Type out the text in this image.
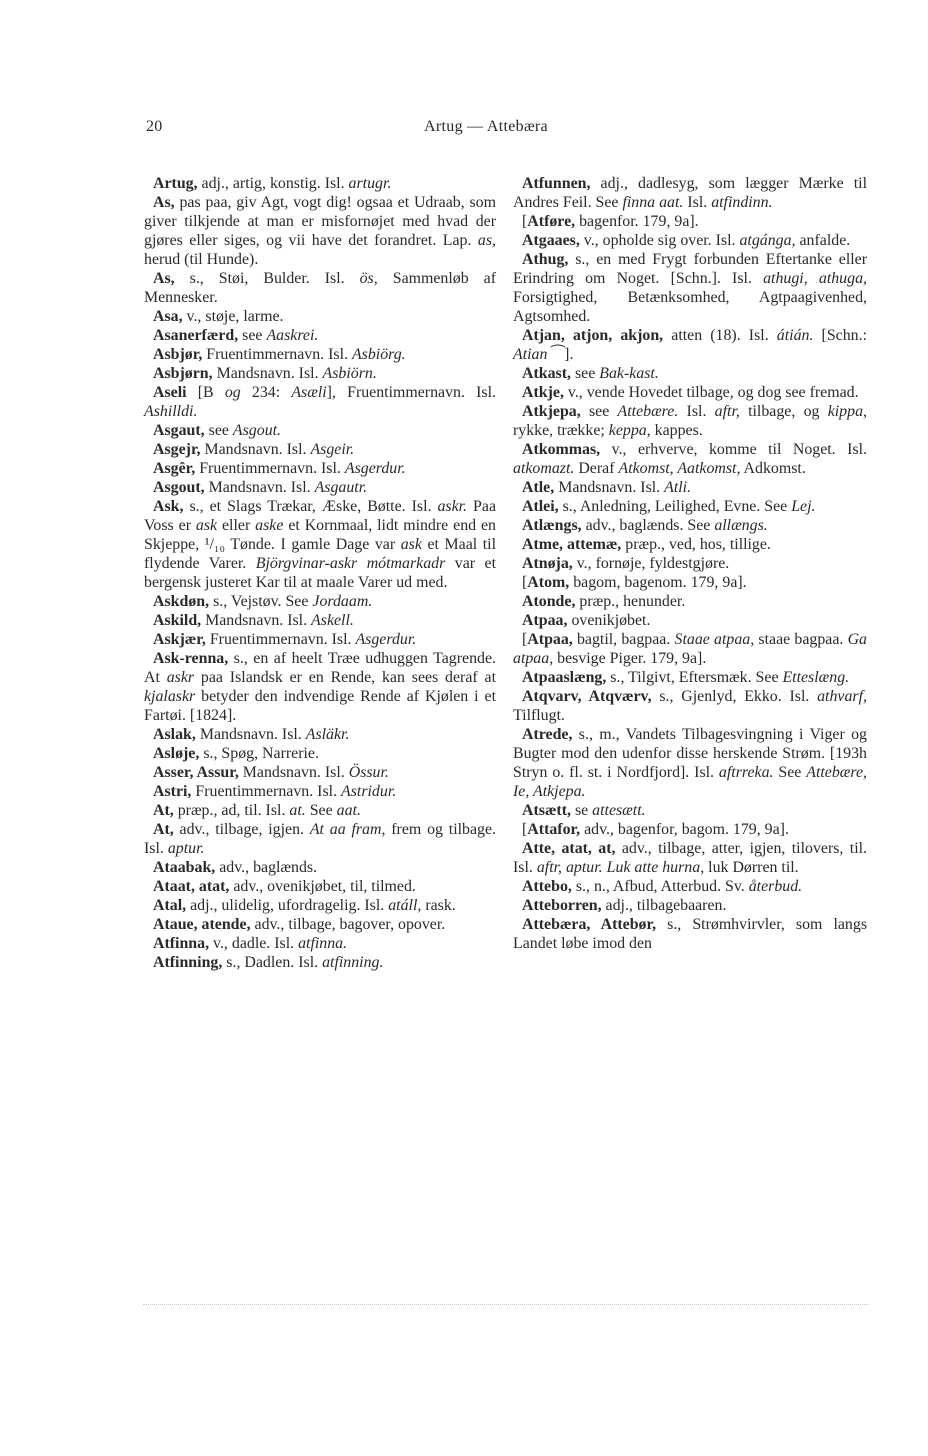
20	Artug — Attebæra

Artug, adj., artig, konstig. Isl. artugr.

As, pas paa, giv Agt, vogt dig! ogsaa et Udraab, som giver tilkjende at man er misfornøjet med hvad der gjøres eller siges, og vii have det forandret. Lap. as, herud (til Hunde).

As, s., Støi, Bulder. Isl. ös, Sammenløb af Mennesker.

Asa, v., støje, larme.

Asanerfærd, see Aaskrei.

Asbjør, Fruentimmernavn. Isl. Asbiörg.

Asbjørn, Mandsnavn. Isl. Asbiörn.

Aseli [B og 234: Asæli], Fruentimmernavn. Isl. Ashilldi.

Asgaut, see Asgout.

Asgejr, Mandsnavn. Isl. Asgeir.

Asgêr, Fruentimmernavn. Isl. Asgerdur.

Asgout, Mandsnavn. Isl. Asgautr.

Ask, s., et Slags Trækar, Æske, Bøtte. Isl. askr. Paa Voss er ask eller aske et Kornmaal, lidt mindre end en Skjeppe, ¹/₁₀ Tønde. I gamle Dage var ask et Maal til flydende Varer. Björgvinar-askr mótmarkadr var et bergensk justeret Kar til at maale Varer ud med.

Askdøn, s., Vejstøv. See Jordaam.

Askild, Mandsnavn. Isl. Askell.

Askjær, Fruentimmernavn. Isl. Asgerdur.

Ask-renna, s., en af heelt Træe udhuggen Tagrende. At askr paa Islandsk er en Rende, kan sees deraf at kjalaskr betyder den indvendige Rende af Kjølen i et Fartøi. [1824].

Aslak, Mandsnavn. Isl. Asläkr.

Asløje, s., Spøg, Narrerie.

Asser, Assur, Mandsnavn. Isl. Össur.

Astri, Fruentimmernavn. Isl. Astridur.

At, præp., ad, til. Isl. at. See aat.

At, adv., tilbage, igjen. At aa fram, frem og tilbage. Isl. aptur.

Ataabak, adv., baglænds.

Ataat, atat, adv., ovenikjøbet, til, tilmed.

Atal, adj., ulidelig, ufordragelig. Isl. atáll, rask.

Ataue, atende, adv., tilbage, bagover, opover.

Atfinna, v., dadle. Isl. atfinna.

Atfinning, s., Dadlen. Isl. atfinning.

Atfunnen, adj., dadlesyg, som lægger Mærke til Andres Feil. See finna aat. Isl. atfindinn.

[Atføre, bagenfor. 179, 9a].

Atgaaes, v., opholde sig over. Isl. atgánga, anfalde.

Athug, s., en med Frygt forbunden Eftertanke eller Erindring om Noget. [Schn.]. Isl. athugi, athuga, Forsigtighed, Betænksomhed, Agtpaagivenhed, Agtsomhed.

Atjan, atjon, akjon, atten (18). Isl. átián. [Schn.: Atian ⁀].

Atkast, see Bak-kast.

Atkje, v., vende Hovedet tilbage, og dog see fremad.

Atkjepa, see Attebære. Isl. aftr, tilbage, og kippa, rykke, trække; keppa, kappes.

Atkommas, v., erhverve, komme til Noget. Isl. atkomazt. Deraf Atkomst, Aatkomst, Adkomst.

Atle, Mandsnavn. Isl. Atli.

Atlei, s., Anledning, Leilighed, Evne. See Lej.

Atlængs, adv., baglænds. See allængs.

Atme, attemæ, præp., ved, hos, tillige.

Atnøja, v., fornøje, fyldestgjøre.

[Atom, bagom, bagenom. 179, 9a].

Atonde, præp., henunder.

Atpaa, ovenikjøbet.

[Atpaa, bagtil, bagpaa. Staae atpaa, staae bagpaa. Ga atpaa, besvige Piger. 179, 9a].

Atpaaslæng, s., Tilgivt, Eftersmæk. See Etteslæng.

Atqvarv, Atqværv, s., Gjenlyd, Ekko. Isl. athvarf, Tilflugt.

Atrede, s., m., Vandets Tilbagesvingning i Viger og Bugter mod den udenfor disse herskende Strøm. [193h Stryn o. fl. st. i Nordfjord]. Isl. aftrreka. See Attebære, Ie, Atkjepa.

Atsætt, se attesætt.

[Attafor, adv., bagenfor, bagom. 179, 9a].

Atte, atat, at, adv., tilbage, atter, igjen, tilovers, til. Isl. aftr, aptur. Luk atte hurna, luk Dørren til.

Attebo, s., n., Afbud, Atterbud. Sv. återbud.

Atteborren, adj., tilbagebaaren.

Attebæra, Attebør, s., Strømhvirvler, som langs Landet løbe imod den
